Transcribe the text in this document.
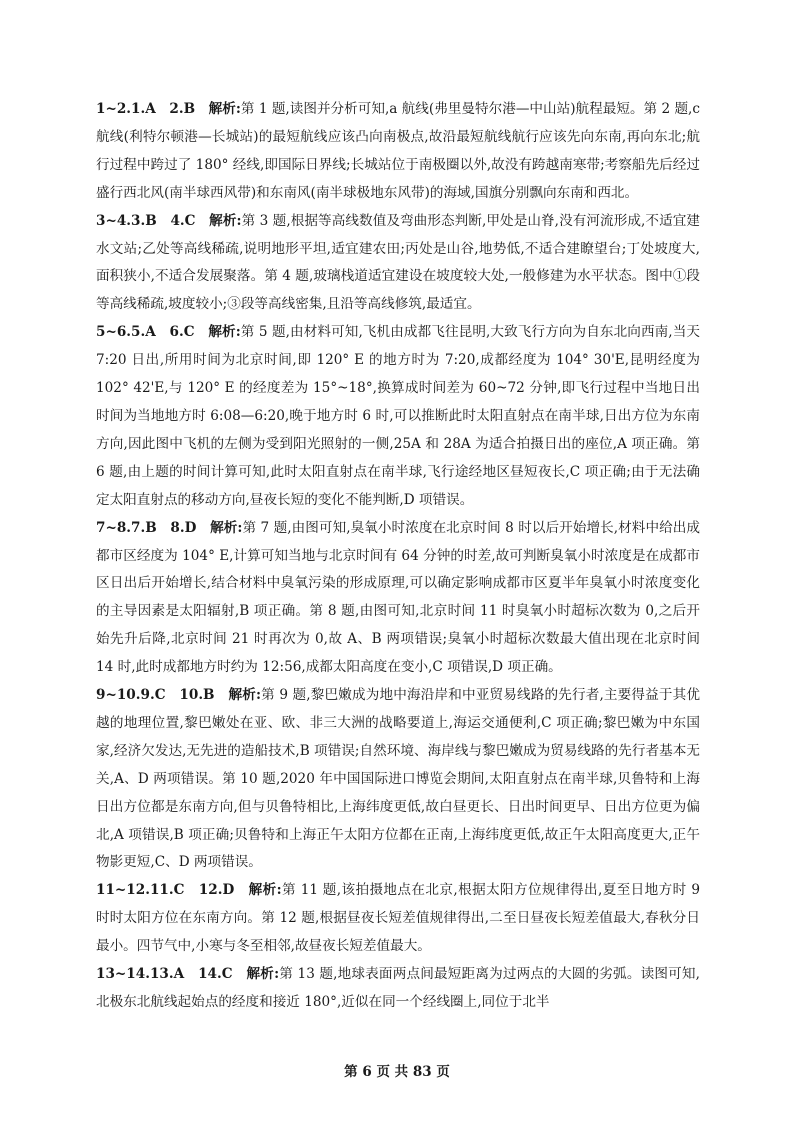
1~2.1.A　2.B　解析:第 1 题,读图并分析可知,a 航线(弗里曼特尔港—中山站)航程最短。第 2 题,c 航线(利特尔顿港—长城站)的最短航线应该凸向南极点,故沿最短航线航行应该先向东南,再向东北;航行过程中跨过了 180° 经线,即国际日界线;长城站位于南极圈以外,故没有跨越南寒带;考察船先后经过盛行西北风(南半球西风带)和东南风(南半球极地东风带)的海域,国旗分别飘向东南和西北。

3~4.3.B　4.C　解析:第 3 题,根据等高线数值及弯曲形态判断,甲处是山脊,没有河流形成,不适宜建水文站;乙处等高线稀疏,说明地形平坦,适宜建农田;丙处是山谷,地势低,不适合建瞭望台;丁处坡度大,面积狭小,不适合发展聚落。第 4 题,玻璃栈道适宜建设在坡度较大处,一般修建为水平状态。图中①段等高线稀疏,坡度较小;③段等高线密集,且沿等高线修筑,最适宜。

5~6.5.A　6.C　解析:第 5 题,由材料可知,飞机由成都飞往昆明,大致飞行方向为自东北向西南,当天 7:20 日出,所用时间为北京时间,即 120° E 的地方时为 7:20,成都经度为 104° 30'E,昆明经度为 102° 42'E,与 120° E 的经度差为 15°~18°,换算成时间差为 60~72 分钟,即飞行过程中当地日出时间为当地地方时 6:08—6:20,晚于地方时 6 时,可以推断此时太阳直射点在南半球,日出方位为东南方向,因此图中飞机的左侧为受到阳光照射的一侧,25A 和 28A 为适合拍摄日出的座位,A 项正确。第 6 题,由上题的时间计算可知,此时太阳直射点在南半球,飞行途经地区昼短夜长,C 项正确;由于无法确定太阳直射点的移动方向,昼夜长短的变化不能判断,D 项错误。

7~8.7.B　8.D　解析:第 7 题,由图可知,臭氧小时浓度在北京时间 8 时以后开始增长,材料中给出成都市区经度为 104° E,计算可知当地与北京时间有 64 分钟的时差,故可判断臭氧小时浓度是在成都市区日出后开始增长,结合材料中臭氧污染的形成原理,可以确定影响成都市区夏半年臭氧小时浓度变化的主导因素是太阳辐射,B 项正确。第 8 题,由图可知,北京时间 11 时臭氧小时超标次数为 0,之后开始先升后降,北京时间 21 时再次为 0,故 A、B 两项错误;臭氧小时超标次数最大值出现在北京时间 14 时,此时成都地方时约为 12:56,成都太阳高度在变小,C 项错误,D 项正确。

9~10.9.C　10.B　解析:第 9 题,黎巴嫩成为地中海沿岸和中亚贸易线路的先行者,主要得益于其优越的地理位置,黎巴嫩处在亚、欧、非三大洲的战略要道上,海运交通便利,C 项正确;黎巴嫩为中东国家,经济欠发达,无先进的造船技术,B 项错误;自然环境、海岸线与黎巴嫩成为贸易线路的先行者基本无关,A、D 两项错误。第 10 题,2020 年中国国际进口博览会期间,太阳直射点在南半球,贝鲁特和上海日出方位都是东南方向,但与贝鲁特相比,上海纬度更低,故白昼更长、日出时间更早、日出方位更为偏北,A 项错误,B 项正确;贝鲁特和上海正午太阳方位都在正南,上海纬度更低,故正午太阳高度更大,正午物影更短,C、D 两项错误。

11~12.11.C　12.D　解析:第 11 题,该拍摄地点在北京,根据太阳方位规律得出,夏至日地方时 9 时时太阳方位在东南方向。第 12 题,根据昼夜长短差值规律得出,二至日昼夜长短差值最大,春秋分日最小。四节气中,小寒与冬至相邻,故昼夜长短差值最大。

13~14.13.A　14.C　解析:第 13 题,地球表面两点间最短距离为过两点的大圆的劣弧。读图可知,北极东北航线起始点的经度和接近 180°,近似在同一个经线圈上,同位于北半

第 6 页 共 83 页
